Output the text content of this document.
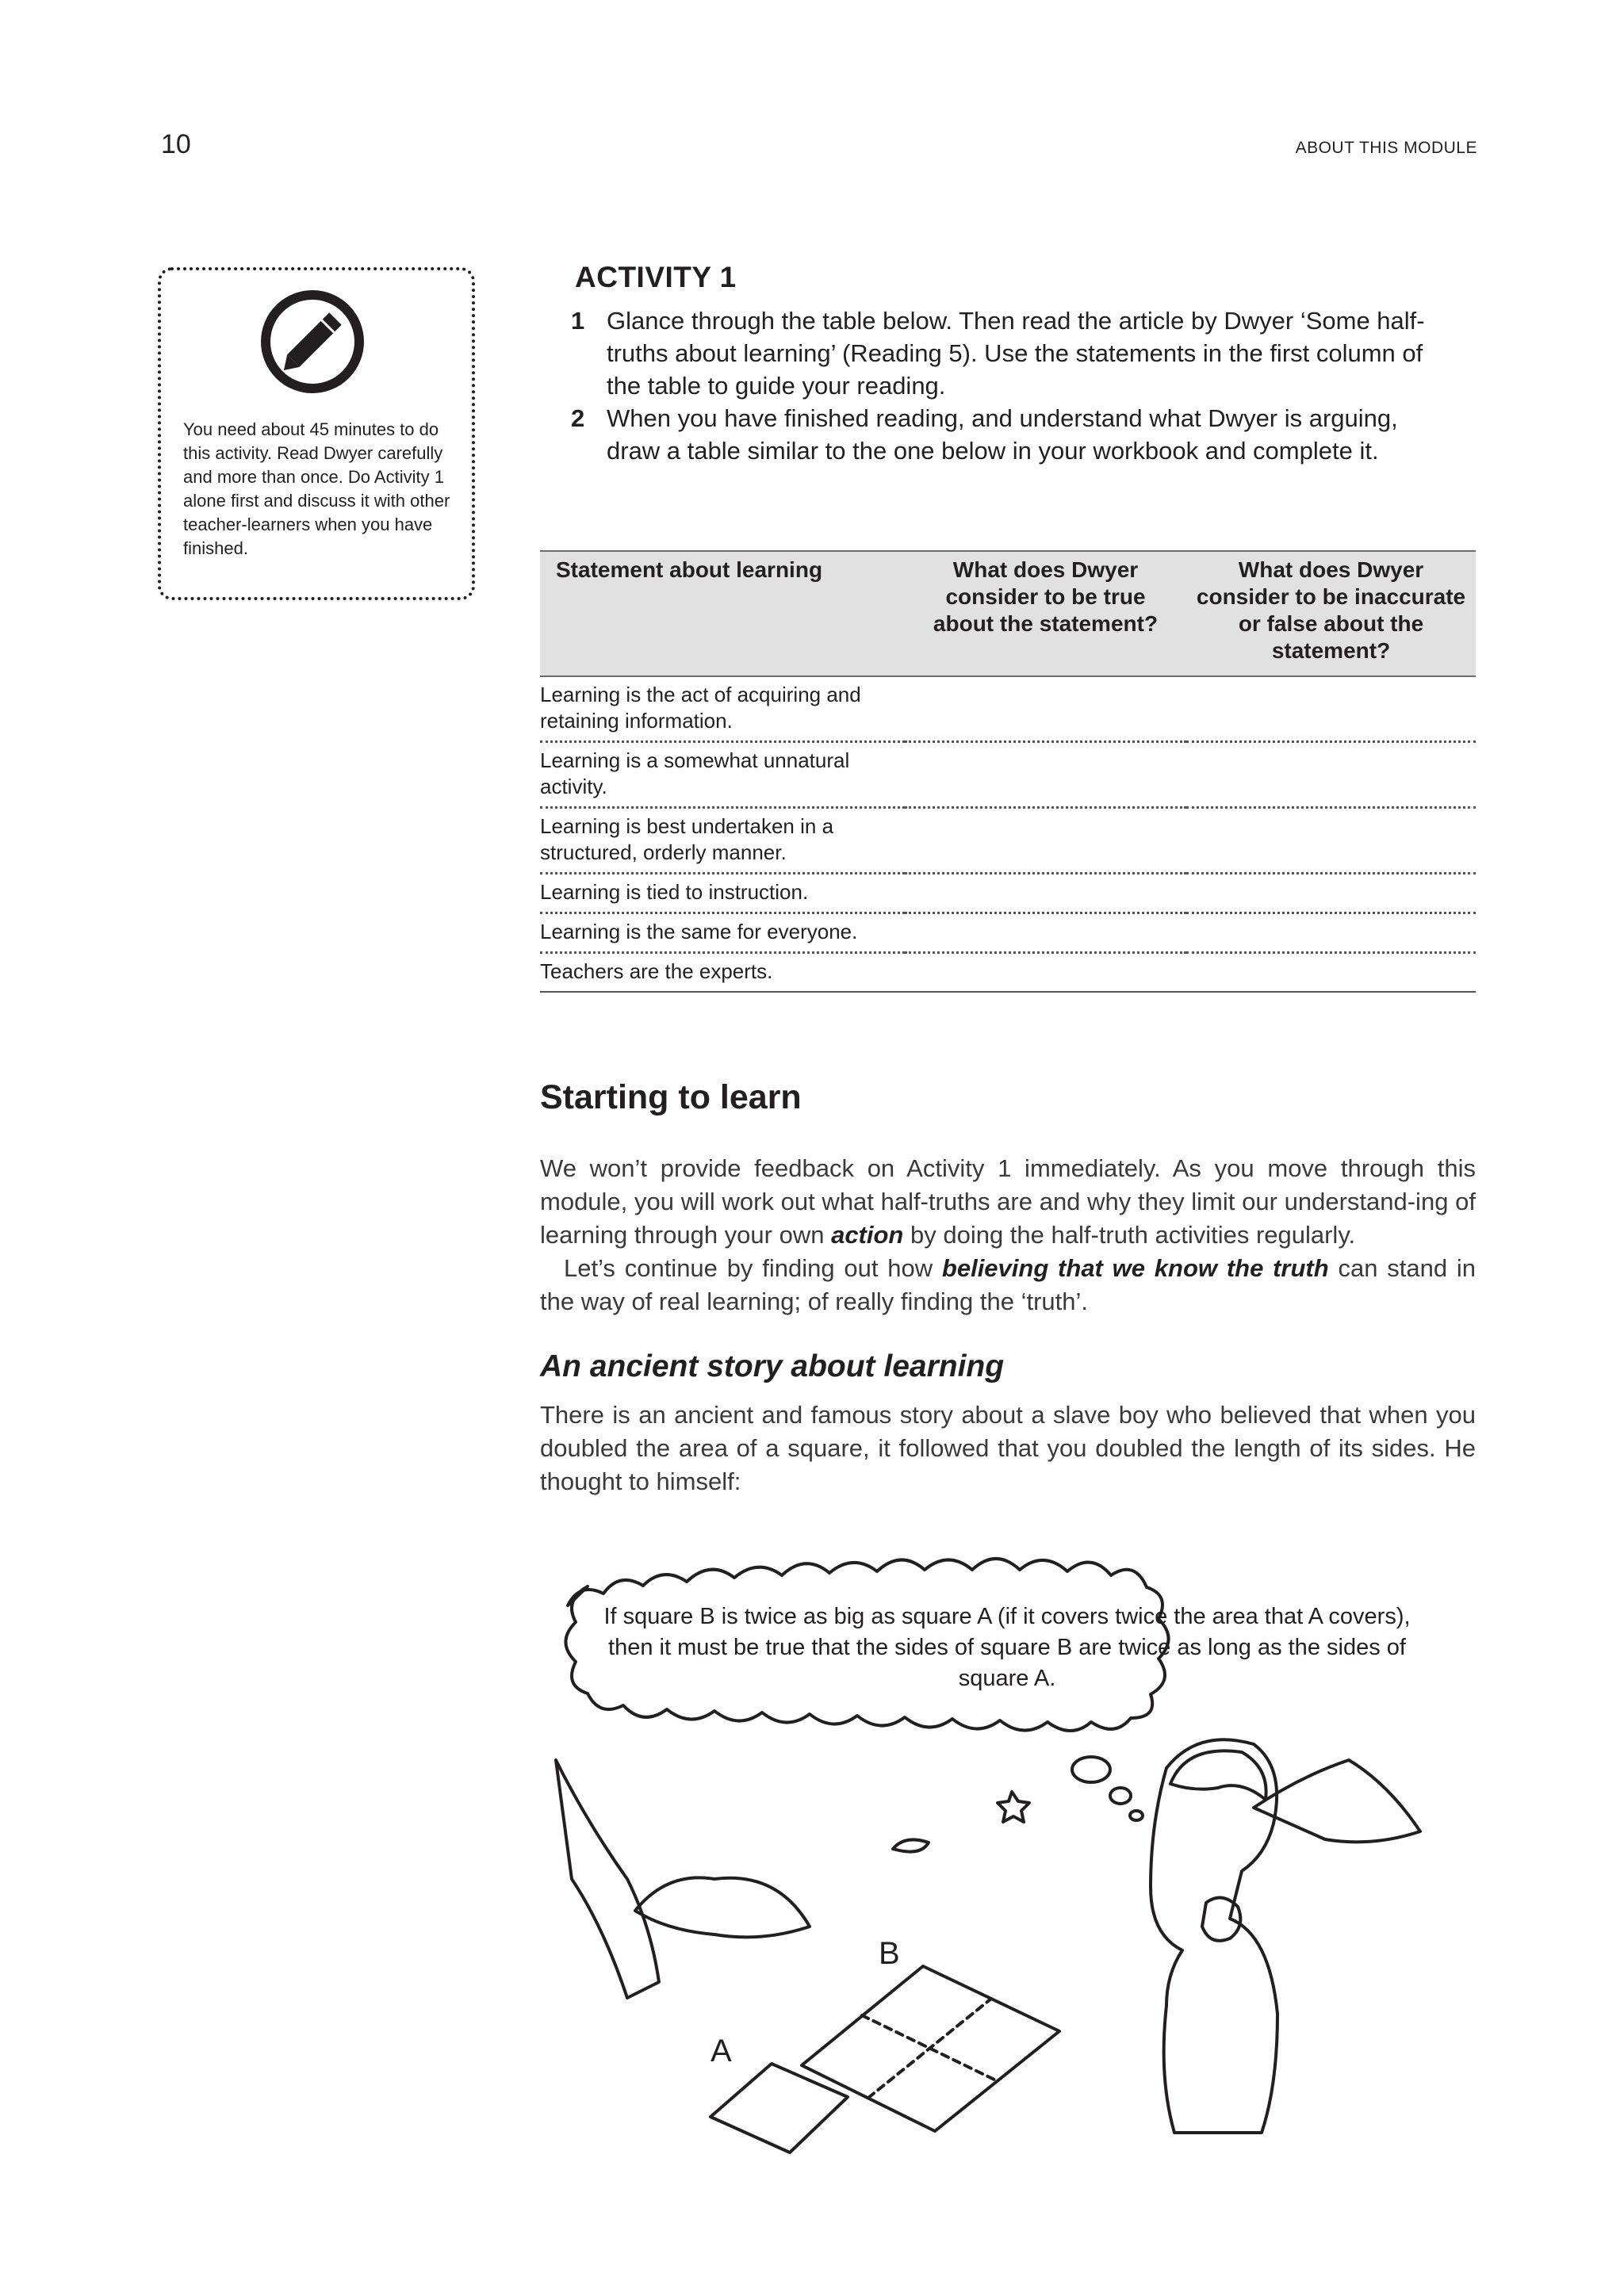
10	ABOUT THIS MODULE
You need about 45 minutes to do this activity. Read Dwyer carefully and more than once. Do Activity 1 alone first and discuss it with other teacher-learners when you have finished.
ACTIVITY 1
1 Glance through the table below. Then read the article by Dwyer ‘Some half-truths about learning’ (Reading 5). Use the statements in the first column of the table to guide your reading.
2 When you have finished reading, and understand what Dwyer is arguing, draw a table similar to the one below in your workbook and complete it.
Statement about learning	What does Dwyer consider to be true about the statement?	What does Dwyer consider to be inaccurate or false about the statement?
Learning is the act of acquiring and retaining information.		
Learning is a somewhat unnatural activity.		
Learning is best undertaken in a structured, orderly manner.		
Learning is tied to instruction.		
Learning is the same for everyone.		
Teachers are the experts.		
Starting to learn

We won’t provide feedback on Activity 1 immediately. As you move through this module, you will work out what half-truths are and why they limit our understand-ing of learning through your own action by doing the half-truth activities regularly.

Let’s continue by finding out how believing that we know the truth can stand in the way of real learning; of really finding the ‘truth’.

An ancient story about learning

There is an ancient and famous story about a slave boy who believed that when you doubled the area of a square, it followed that you doubled the length of its sides. He thought to himself:

B
A
If square B is twice as big as square A (if it covers twice the area that A covers), then it must be true that the sides of square B are twice as long as the sides of square A.
